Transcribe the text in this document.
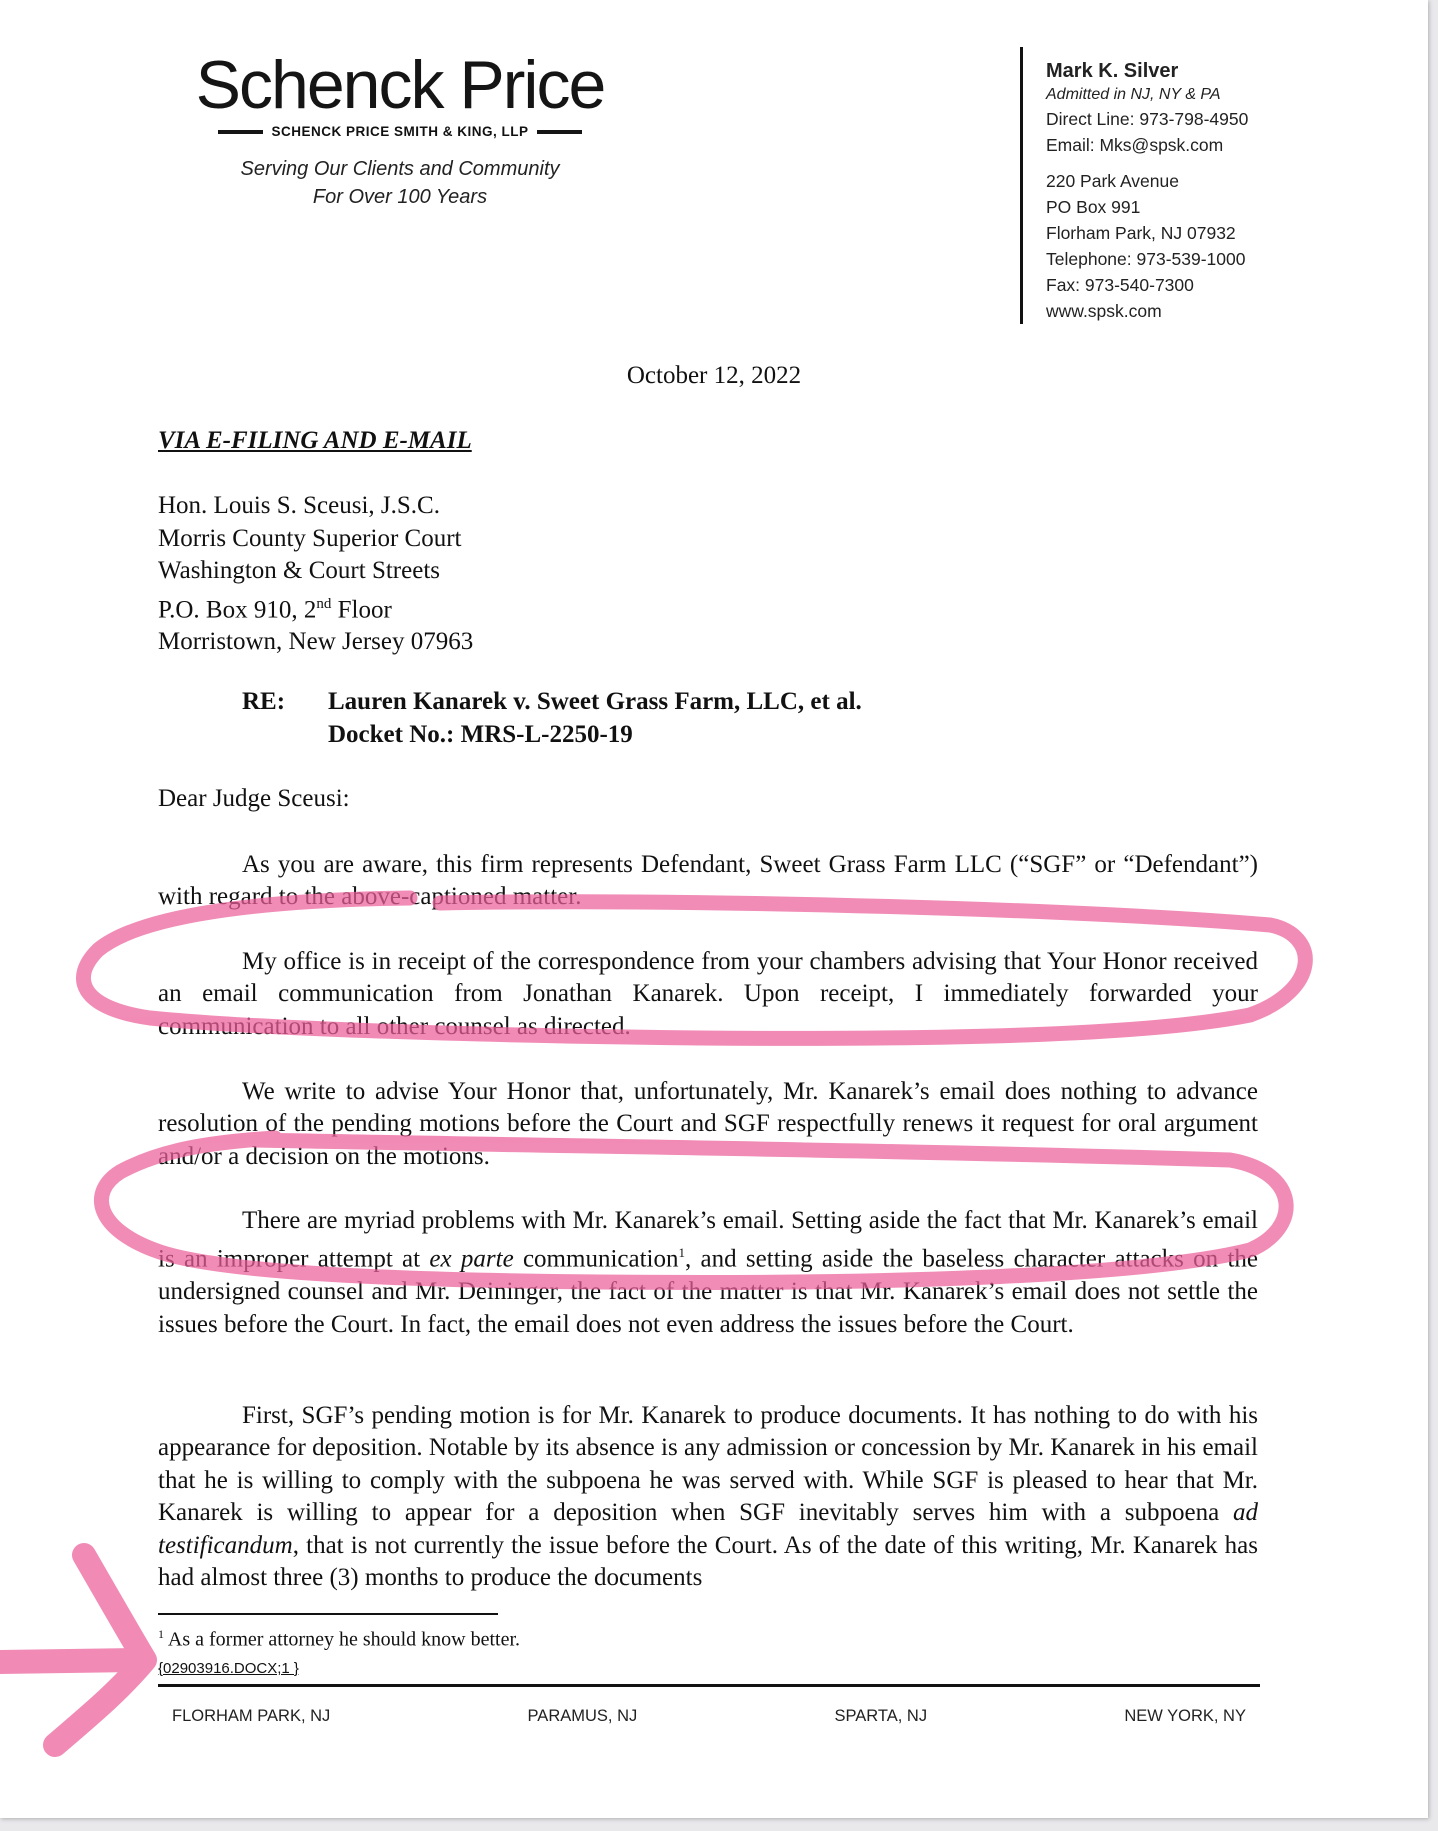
Schenck Price
SCHENCK PRICE SMITH & KING, LLP
Serving Our Clients and Community
For Over 100 Years
Mark K. Silver
Admitted in NJ, NY & PA
Direct Line: 973-798-4950
Email: Mks@spsk.com
220 Park Avenue
PO Box 991
Florham Park, NJ 07932
Telephone: 973-539-1000
Fax: 973-540-7300
www.spsk.com
October 12, 2022
VIA E-FILING AND E-MAIL
Hon. Louis S. Sceusi, J.S.C.
Morris County Superior Court
Washington & Court Streets
P.O. Box 910, 2nd Floor
Morristown, New Jersey 07963
RE: Lauren Kanarek v. Sweet Grass Farm, LLC, et al.
Docket No.: MRS-L-2250-19
Dear Judge Sceusi:
As you are aware, this firm represents Defendant, Sweet Grass Farm LLC (“SGF” or “Defendant”) with regard to the above-captioned matter.
My office is in receipt of the correspondence from your chambers advising that Your Honor received an email communication from Jonathan Kanarek. Upon receipt, I immediately forwarded your communication to all other counsel as directed.
We write to advise Your Honor that, unfortunately, Mr. Kanarek’s email does nothing to advance resolution of the pending motions before the Court and SGF respectfully renews it request for oral argument and/or a decision on the motions.
There are myriad problems with Mr. Kanarek’s email. Setting aside the fact that Mr. Kanarek’s email is an improper attempt at ex parte communication$^1$, and setting aside the baseless character attacks on the undersigned counsel and Mr. Deininger, the fact of the matter is that Mr. Kanarek’s email does not settle the issues before the Court. In fact, the email does not even address the issues before the Court.
First, SGF’s pending motion is for Mr. Kanarek to produce documents. It has nothing to do with his appearance for deposition. Notable by its absence is any admission or concession by Mr. Kanarek in his email that he is willing to comply with the subpoena he was served with. While SGF is pleased to hear that Mr. Kanarek is willing to appear for a deposition when SGF inevitably serves him with a subpoena ad testificandum, that is not currently the issue before the Court. As of the date of this writing, Mr. Kanarek has had almost three (3) months to produce the documents
$^1$ As a former attorney he should know better.
{02903916.DOCX;1 }
FLORHAM PARK, NJ	PARAMUS, NJ	SPARTA, NJ	NEW YORK, NY
